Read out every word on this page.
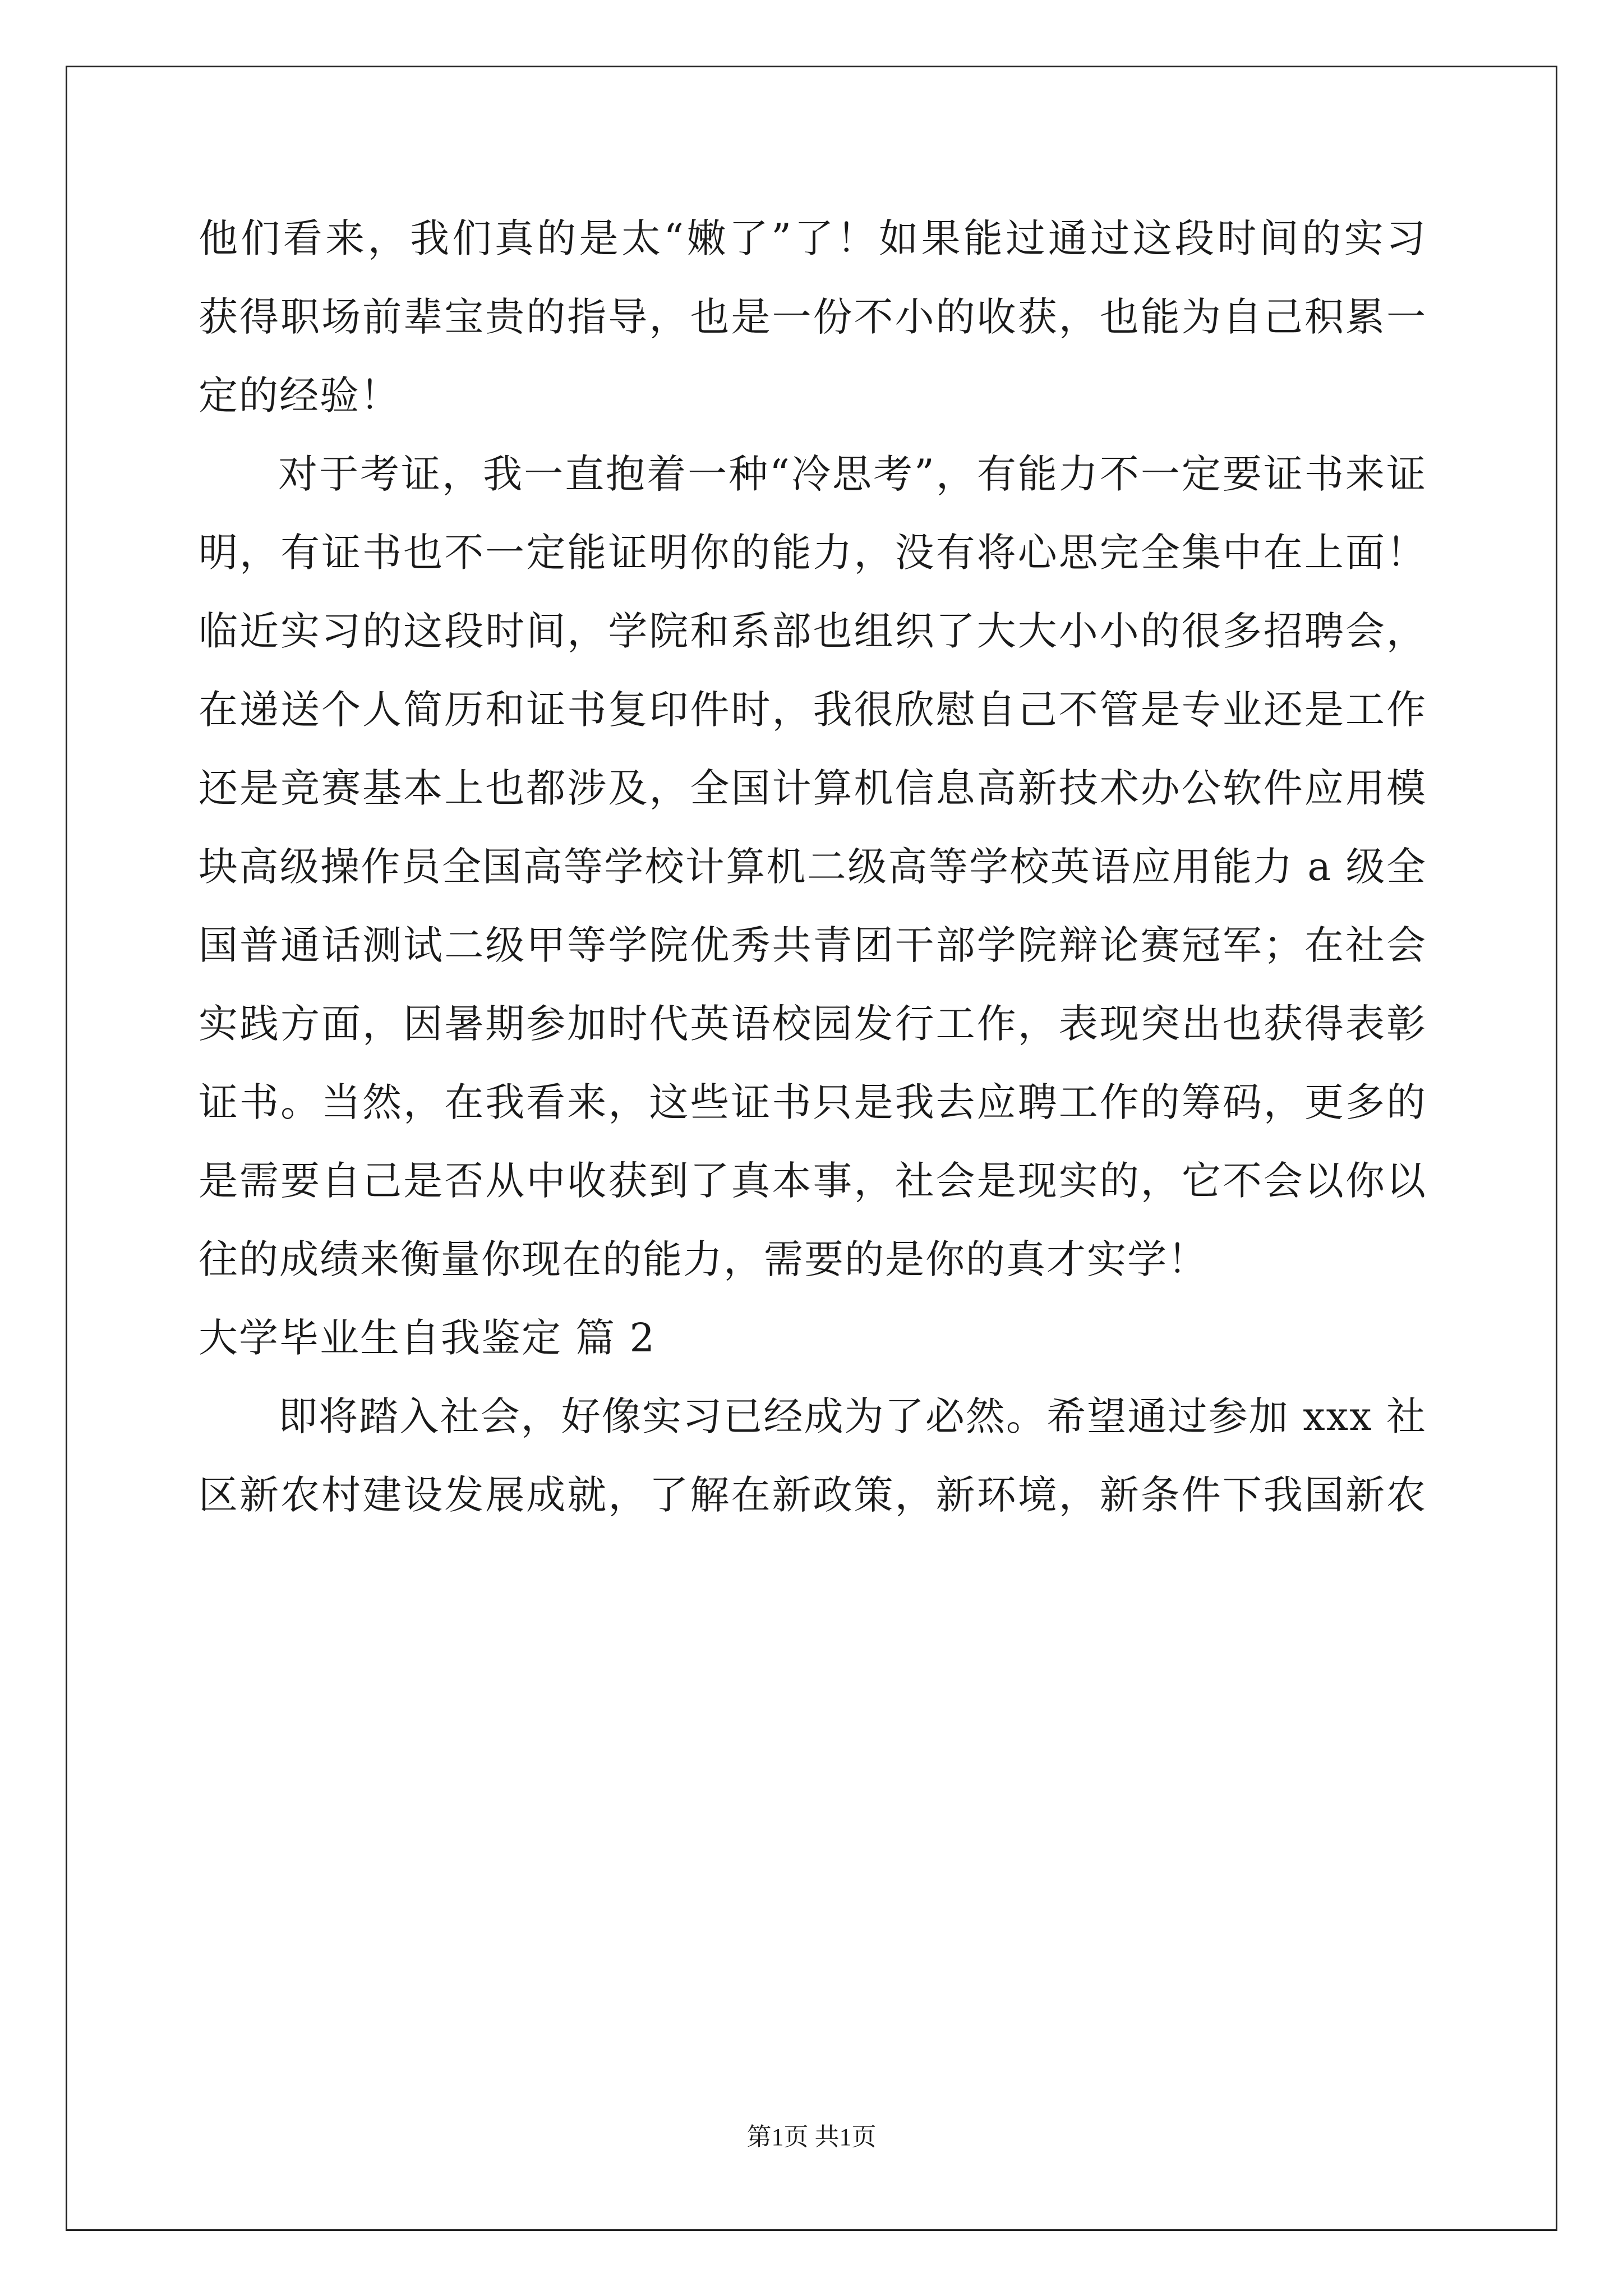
他们看来，我们真的是太“嫩了”了！如果能过通过这段时间的实习
获得职场前辈宝贵的指导，也是一份不小的收获，也能为自己积累一
定的经验！
对于考证，我一直抱着一种“冷思考”，有能力不一定要证书来证
明，有证书也不一定能证明你的能力，没有将心思完全集中在上面！
临近实习的这段时间，学院和系部也组织了大大小小的很多招聘会，
在递送个人简历和证书复印件时，我很欣慰自己不管是专业还是工作
还是竞赛基本上也都涉及，全国计算机信息高新技术办公软件应用模
块高级操作员全国高等学校计算机二级高等学校英语应用能力 a 级全
国普通话测试二级甲等学院优秀共青团干部学院辩论赛冠军；在社会
实践方面，因暑期参加时代英语校园发行工作，表现突出也获得表彰
证书。当然，在我看来，这些证书只是我去应聘工作的筹码，更多的
是需要自己是否从中收获到了真本事，社会是现实的，它不会以你以
往的成绩来衡量你现在的能力，需要的是你的真才实学！
大学毕业生自我鉴定 篇 2
即将踏入社会，好像实习已经成为了必然。希望通过参加 xxx 社
区新农村建设发展成就，了解在新政策，新环境，新条件下我国新农
第1页 共1页
